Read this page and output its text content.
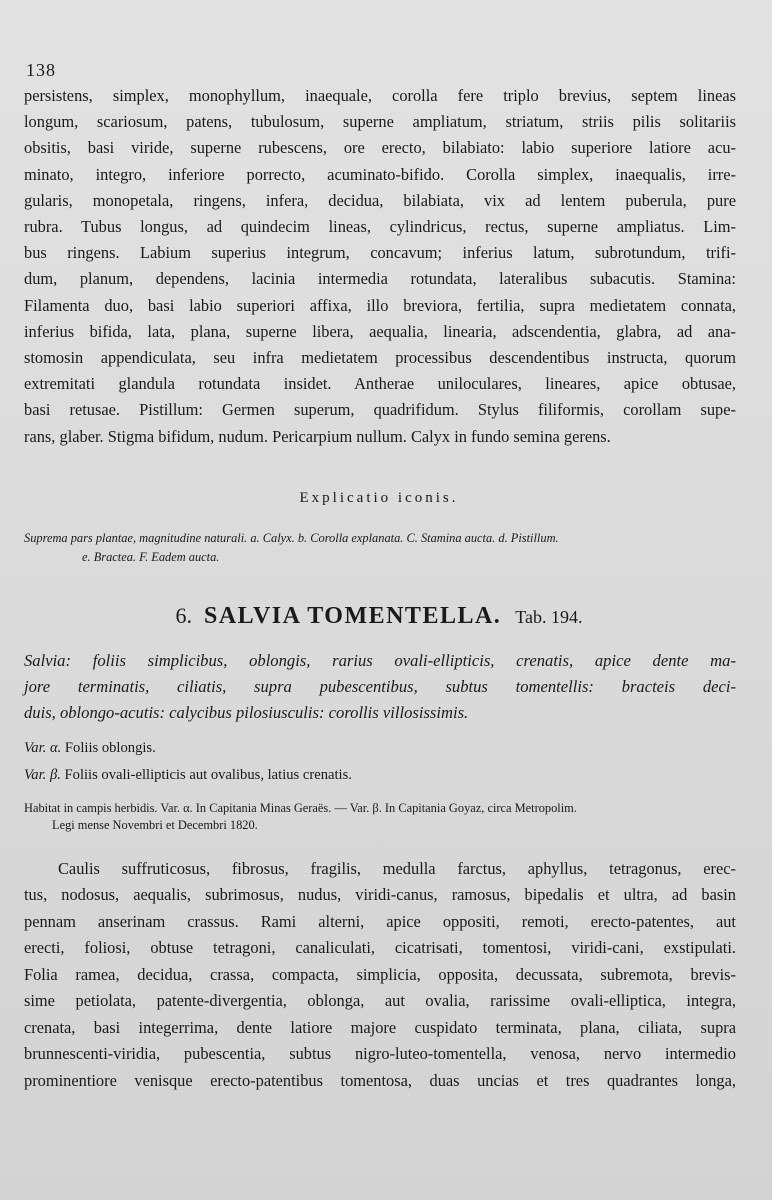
138
persistens, simplex, monophyllum, inaequale, corolla fere triplo brevius, septem lineas
longum, scariosum, patens, tubulosum, superne ampliatum, striatum, striis pilis solitariis
obsitis, basi viride, superne rubescens, ore erecto, bilabiato: labio superiore latiore acu-
minato, integro, inferiore porrecto, acuminato-bifido. Corolla simplex, inaequalis, irre-
gularis, monopetala, ringens, infera, decidua, bilabiata, vix ad lentem puberula, pure
rubra. Tubus longus, ad quindecim lineas, cylindricus, rectus, superne ampliatus. Lim-
bus ringens. Labium superius integrum, concavum; inferius latum, subrotundum, trifi-
dum, planum, dependens, lacinia intermedia rotundata, lateralibus subacutis. Stamina:
Filamenta duo, basi labio superiori affixa, illo breviora, fertilia, supra medietatem connata,
inferius bifida, lata, plana, superne libera, aequalia, linearia, adscendentia, glabra, ad ana-
stomosin appendiculata, seu infra medietatem processibus descendentibus instructa, quorum
extremitati glandula rotundata insidet. Antherae uniloculares, lineares, apice obtusae,
basi retusae. Pistillum: Germen superum, quadrifidum. Stylus filiformis, corollam supe-
rans, glaber. Stigma bifidum, nudum. Pericarpium nullum. Calyx in fundo semina gerens.
Explicatio iconis.
Suprema pars plantae, magnitudine naturali. a. Calyx. b. Corolla explanata. C. Stamina aucta. d. Pistillum.
e. Bractea. F. Eadem aucta.
6. SALVIA TOMENTELLA. Tab. 194.
Salvia: foliis simplicibus, oblongis, rarius ovali-ellipticis, crenatis, apice dente ma-
jore terminatis, ciliatis, supra pubescentibus, subtus tomentellis: bracteis deci-
duis, oblongo-acutis: calycibus pilosiusculis: corollis villosissimis.
Var. α. Foliis oblongis.
Var. β. Foliis ovali-ellipticis aut ovalibus, latius crenatis.
Habitat in campis herbidis. Var. α. In Capitania Minas Geraës. — Var. β. In Capitania Goyaz, circa Metropolim.
Legi mense Novembri et Decembri 1820.
Caulis suffruticosus, fibrosus, fragilis, medulla farctus, aphyllus, tetragonus, erec-
tus, nodosus, aequalis, subrimosus, nudus, viridi-canus, ramosus, bipedalis et ultra, ad basin
pennam anserinam crassus. Rami alterni, apice oppositi, remoti, erecto-patentes, aut
erecti, foliosi, obtuse tetragoni, canaliculati, cicatrisati, tomentosi, viridi-cani, exstipulati.
Folia ramea, decidua, crassa, compacta, simplicia, opposita, decussata, subremota, brevis-
sime petiolata, patente-divergentia, oblonga, aut ovalia, rarissime ovali-elliptica, integra,
crenata, basi integerrima, dente latiore majore cuspidato terminata, plana, ciliata, supra
brunnescenti-viridia, pubescentia, subtus nigro-luteo-tomentella, venosa, nervo intermedio
prominentiore venisque erecto-patentibus tomentosa, duas uncias et tres quadrantes longa,
